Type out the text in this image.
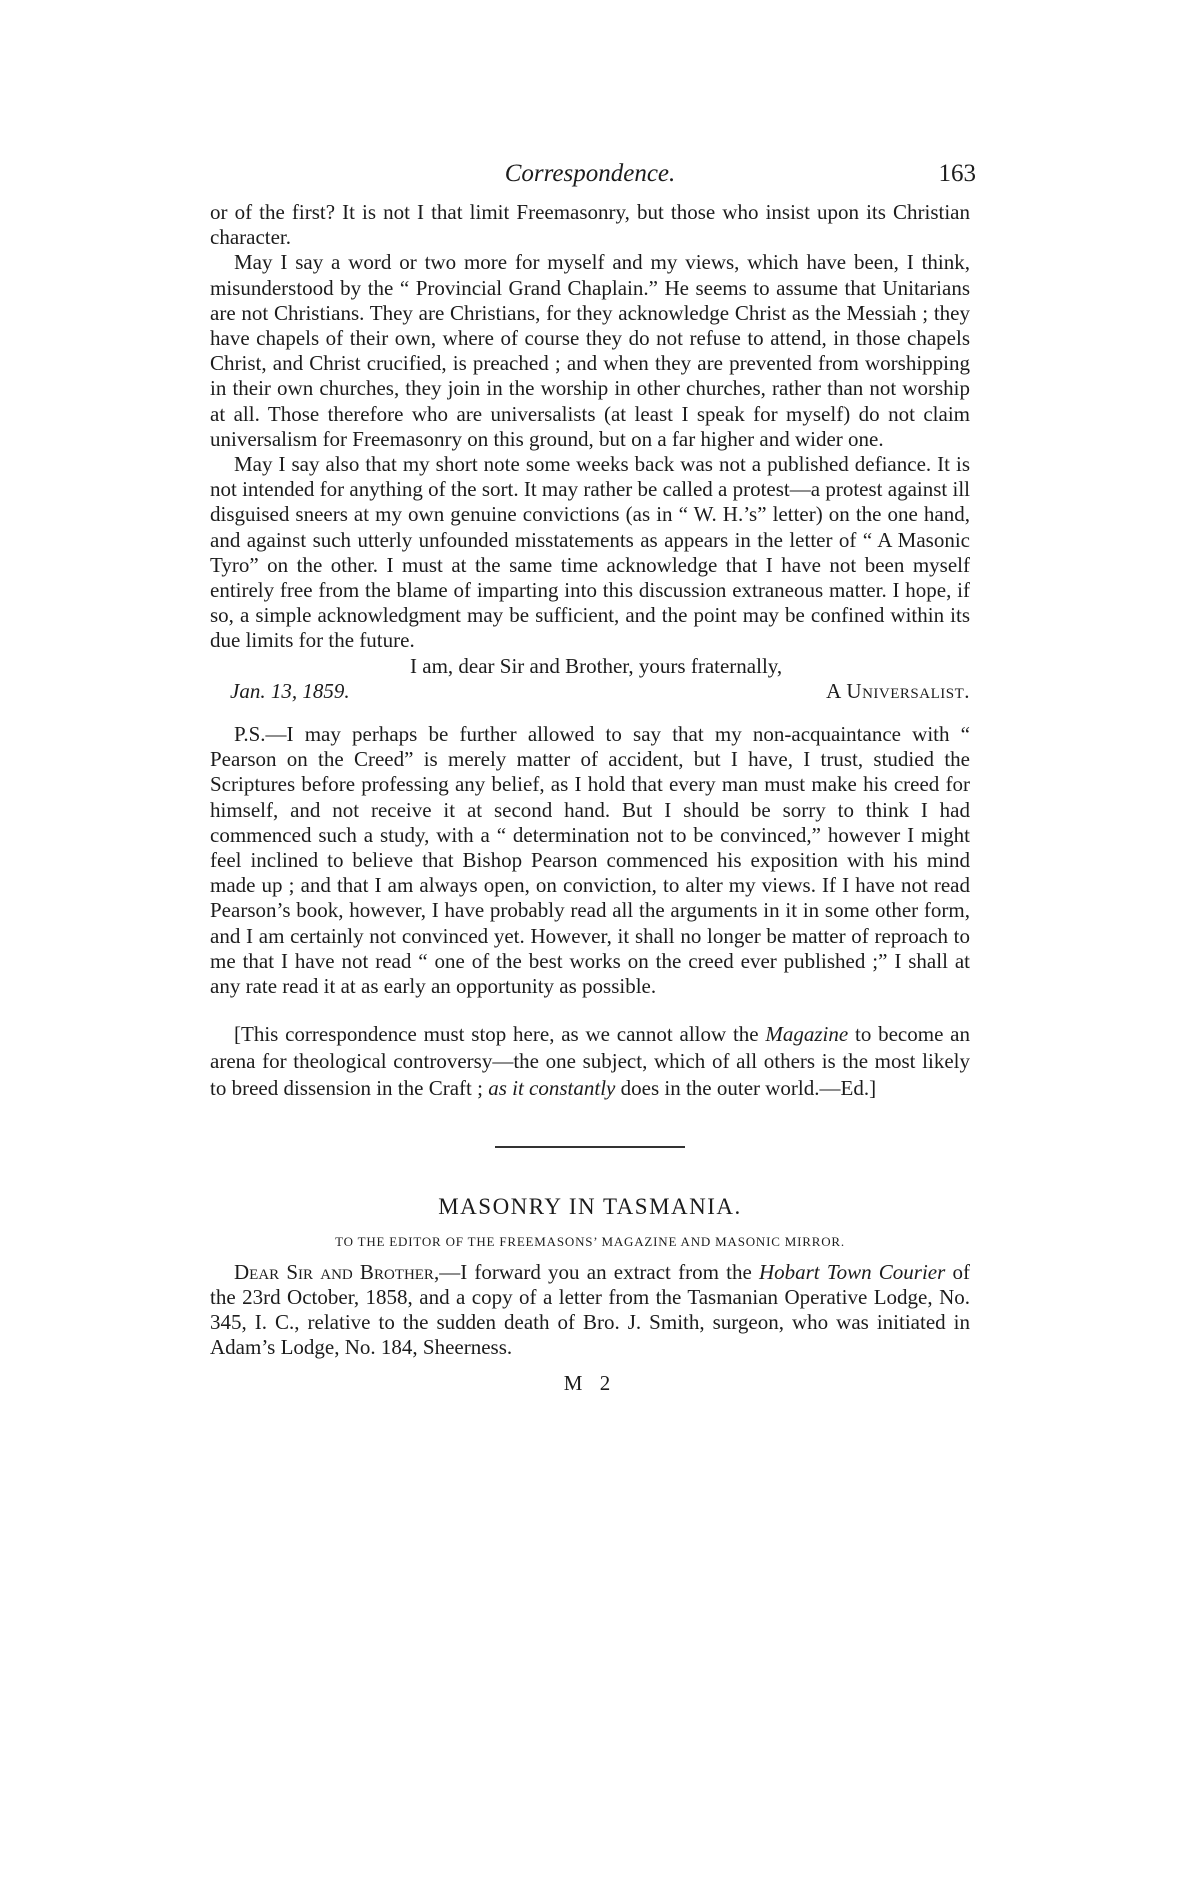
Correspondence.	163

or of the first? It is not I that limit Freemasonry, but those who insist upon its Christian character.

May I say a word or two more for myself and my views, which have been, I think, misunderstood by the “ Provincial Grand Chaplain.” He seems to assume that Unitarians are not Christians. They are Christians, for they acknowledge Christ as the Messiah ; they have chapels of their own, where of course they do not refuse to attend, in those chapels Christ, and Christ crucified, is preached ; and when they are prevented from worshipping in their own churches, they join in the worship in other churches, rather than not worship at all. Those therefore who are universalists (at least I speak for myself) do not claim universalism for Freemasonry on this ground, but on a far higher and wider one.

May I say also that my short note some weeks back was not a published defiance. It is not intended for anything of the sort. It may rather be called a protest—a protest against ill disguised sneers at my own genuine convictions (as in “ W. H.’s” letter) on the one hand, and against such utterly unfounded misstatements as appears in the letter of “ A Masonic Tyro” on the other. I must at the same time acknowledge that I have not been myself entirely free from the blame of imparting into this discussion extraneous matter. I hope, if so, a simple acknowledgment may be sufficient, and the point may be confined within its due limits for the future.

I am, dear Sir and Brother, yours fraternally,

Jan. 13, 1859.	A Universalist.

P.S.—I may perhaps be further allowed to say that my non-acquaintance with “ Pearson on the Creed” is merely matter of accident, but I have, I trust, studied the Scriptures before professing any belief, as I hold that every man must make his creed for himself, and not receive it at second hand. But I should be sorry to think I had commenced such a study, with a “ determination not to be convinced,” however I might feel inclined to believe that Bishop Pearson commenced his exposition with his mind made up ; and that I am always open, on conviction, to alter my views. If I have not read Pearson’s book, however, I have probably read all the arguments in it in some other form, and I am certainly not convinced yet. However, it shall no longer be matter of reproach to me that I have not read “ one of the best works on the creed ever published ;” I shall at any rate read it at as early an opportunity as possible.

[This correspondence must stop here, as we cannot allow the Magazine to become an arena for theological controversy—the one subject, which of all others is the most likely to breed dissension in the Craft ; as it constantly does in the outer world.—Ed.]

MASONRY IN TASMANIA.
TO THE EDITOR OF THE FREEMASONS’ MAGAZINE AND MASONIC MIRROR.

Dear Sir and Brother,—I forward you an extract from the Hobart Town Courier of the 23rd October, 1858, and a copy of a letter from the Tasmanian Operative Lodge, No. 345, I. C., relative to the sudden death of Bro. J. Smith, surgeon, who was initiated in Adam’s Lodge, No. 184, Sheerness.

M 2
